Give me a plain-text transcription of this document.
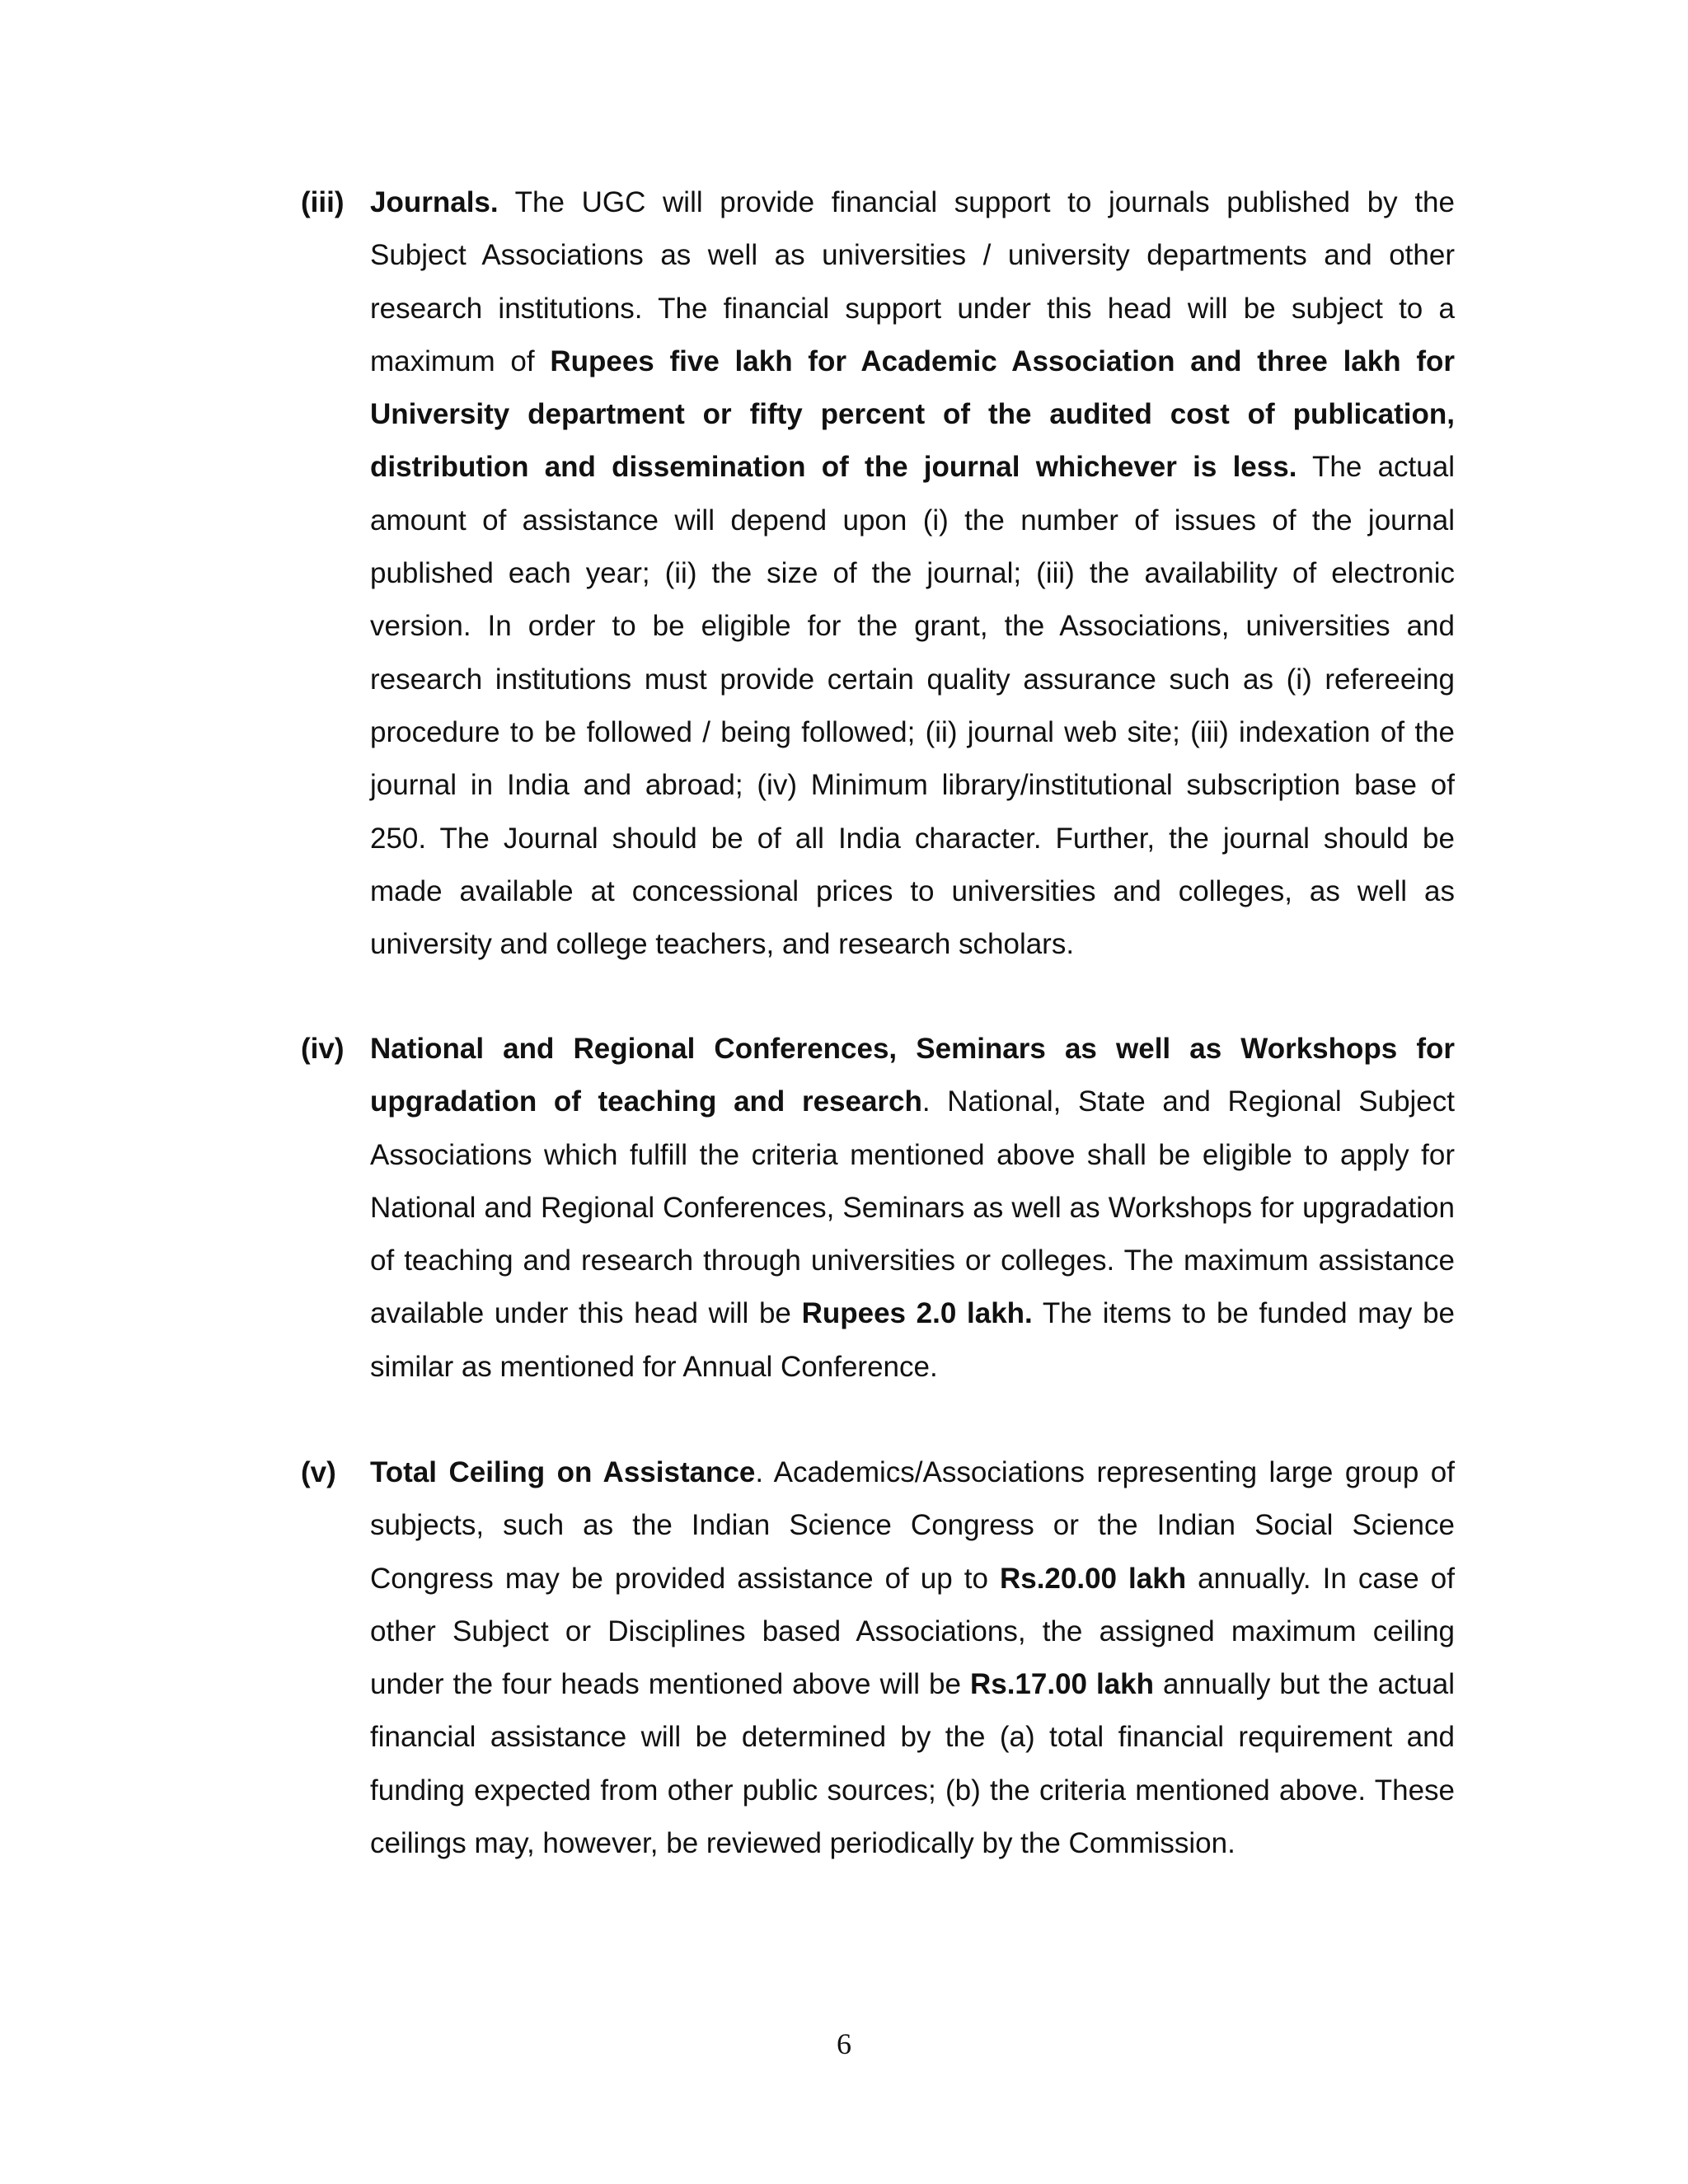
(iii) Journals. The UGC will provide financial support to journals published by the Subject Associations as well as universities / university departments and other research institutions. The financial support under this head will be subject to a maximum of Rupees five lakh for Academic Association and three lakh for University department or fifty percent of the audited cost of publication, distribution and dissemination of the journal whichever is less. The actual amount of assistance will depend upon (i) the number of issues of the journal published each year; (ii) the size of the journal; (iii) the availability of electronic version. In order to be eligible for the grant, the Associations, universities and research institutions must provide certain quality assurance such as (i) refereeing procedure to be followed / being followed; (ii) journal web site; (iii) indexation of the journal in India and abroad; (iv) Minimum library/institutional subscription base of 250. The Journal should be of all India character. Further, the journal should be made available at concessional prices to universities and colleges, as well as university and college teachers, and research scholars.

(iv) National and Regional Conferences, Seminars as well as Workshops for upgradation of teaching and research. National, State and Regional Subject Associations which fulfill the criteria mentioned above shall be eligible to apply for National and Regional Conferences, Seminars as well as Workshops for upgradation of teaching and research through universities or colleges. The maximum assistance available under this head will be Rupees 2.0 lakh. The items to be funded may be similar as mentioned for Annual Conference.

(v) Total Ceiling on Assistance. Academics/Associations representing large group of subjects, such as the Indian Science Congress or the Indian Social Science Congress may be provided assistance of up to Rs.20.00 lakh annually. In case of other Subject or Disciplines based Associations, the assigned maximum ceiling under the four heads mentioned above will be Rs.17.00 lakh annually but the actual financial assistance will be determined by the (a) total financial requirement and funding expected from other public sources; (b) the criteria mentioned above. These ceilings may, however, be reviewed periodically by the Commission.

6
